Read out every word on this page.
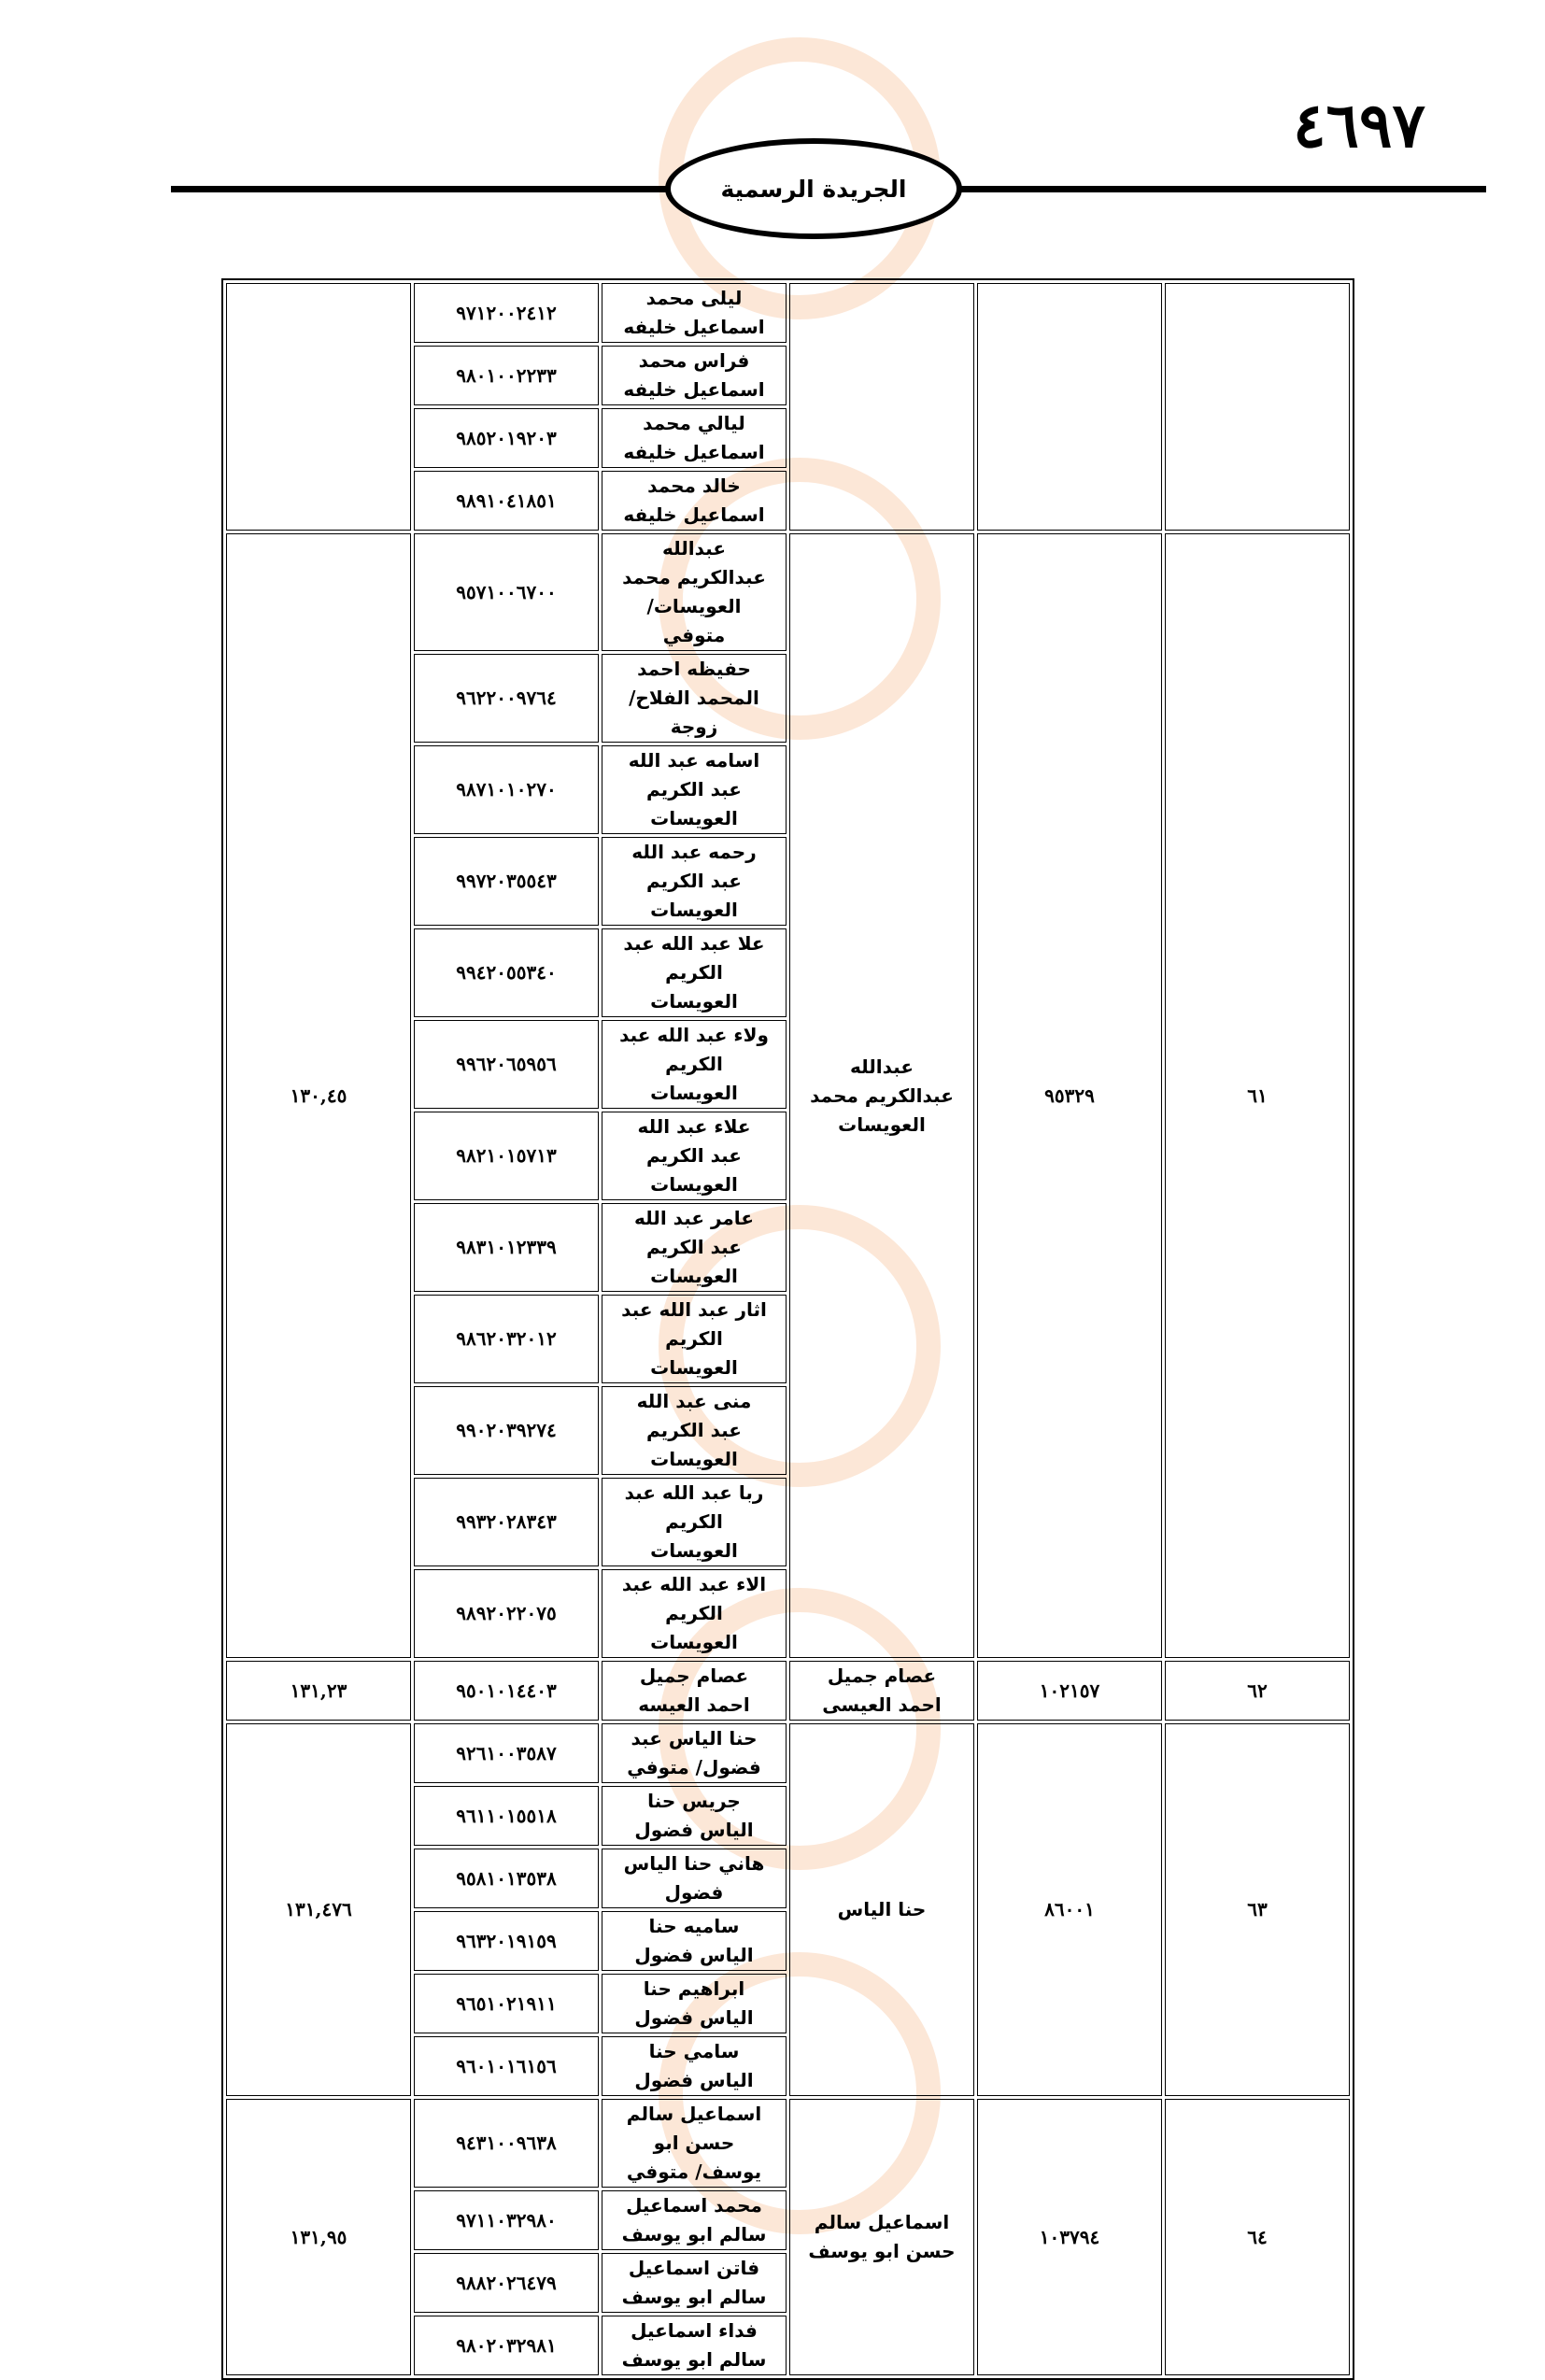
٤٦٩٧
الجريدة الرسمية
			ليلى محمد اسماعيل خليفه	٩٧١٢٠٠٢٤١٢	
			فراس محمد اسماعيل خليفه	٩٨٠١٠٠٢٢٣٣	
			ليالي محمد اسماعيل خليفه	٩٨٥٢٠١٩٢٠٣	
			خالد محمد اسماعيل خليفه	٩٨٩١٠٤١٨٥١	
٦١	٩٥٣٢٩	عبدالله عبدالكريم محمد العويسات	عبدالله عبدالكريم محمد العويسات/ متوفي	٩٥٧١٠٠٦٧٠٠	١٣٠,٤٥
			حفيظه احمد المحمد الفلاح/ زوجة	٩٦٢٢٠٠٩٧٦٤	
			اسامه عبد الله عبد الكريم العويسات	٩٨٧١٠١٠٢٧٠	
			رحمه عبد الله عبد الكريم العويسات	٩٩٧٢٠٣٥٥٤٣	
			علا عبد الله عبد الكريم العويسات	٩٩٤٢٠٥٥٣٤٠	
			ولاء عبد الله عبد الكريم العويسات	٩٩٦٢٠٦٥٩٥٦	
			علاء عبد الله عبد الكريم العويسات	٩٨٢١٠١٥٧١٣	
			عامر عبد الله عبد الكريم العويسات	٩٨٣١٠١٢٣٣٩	
			اثار عبد الله عبد الكريم العويسات	٩٨٦٢٠٣٢٠١٢	
			منى عبد الله عبد الكريم العويسات	٩٩٠٢٠٣٩٢٧٤	
			ربا عبد الله عبد الكريم العويسات	٩٩٣٢٠٢٨٣٤٣	
			الاء عبد الله عبد الكريم العويسات	٩٨٩٢٠٢٢٠٧٥	
٦٢	١٠٢١٥٧	عصام جميل احمد العيسى	عصام جميل احمد العيسه	٩٥٠١٠١٤٤٠٣	١٣١,٢٣
٦٣	٨٦٠٠١	حنا الياس	حنا الياس عبد فضول/ متوفي	٩٢٦١٠٠٣٥٨٧	١٣١,٤٧٦
			جريس حنا الياس فضول	٩٦١١٠١٥٥١٨	
			هاني حنا الياس فضول	٩٥٨١٠١٣٥٣٨	
			ساميه حنا الياس فضول	٩٦٣٢٠١٩١٥٩	
			ابراهيم حنا الياس فضول	٩٦٥١٠٢١٩١١	
			سامي حنا الياس فضول	٩٦٠١٠١٦١٥٦	
٦٤	١٠٣٧٩٤	اسماعيل سالم حسن ابو يوسف	اسماعيل سالم حسن ابو يوسف/ متوفي	٩٤٣١٠٠٩٦٣٨	١٣١,٩٥
			محمد اسماعيل سالم ابو يوسف	٩٧١١٠٣٢٩٨٠	
			فاتن اسماعيل سالم ابو يوسف	٩٨٨٢٠٢٦٤٧٩	
			فداء اسماعيل سالم ابو يوسف	٩٨٠٢٠٣٢٩٨١	
